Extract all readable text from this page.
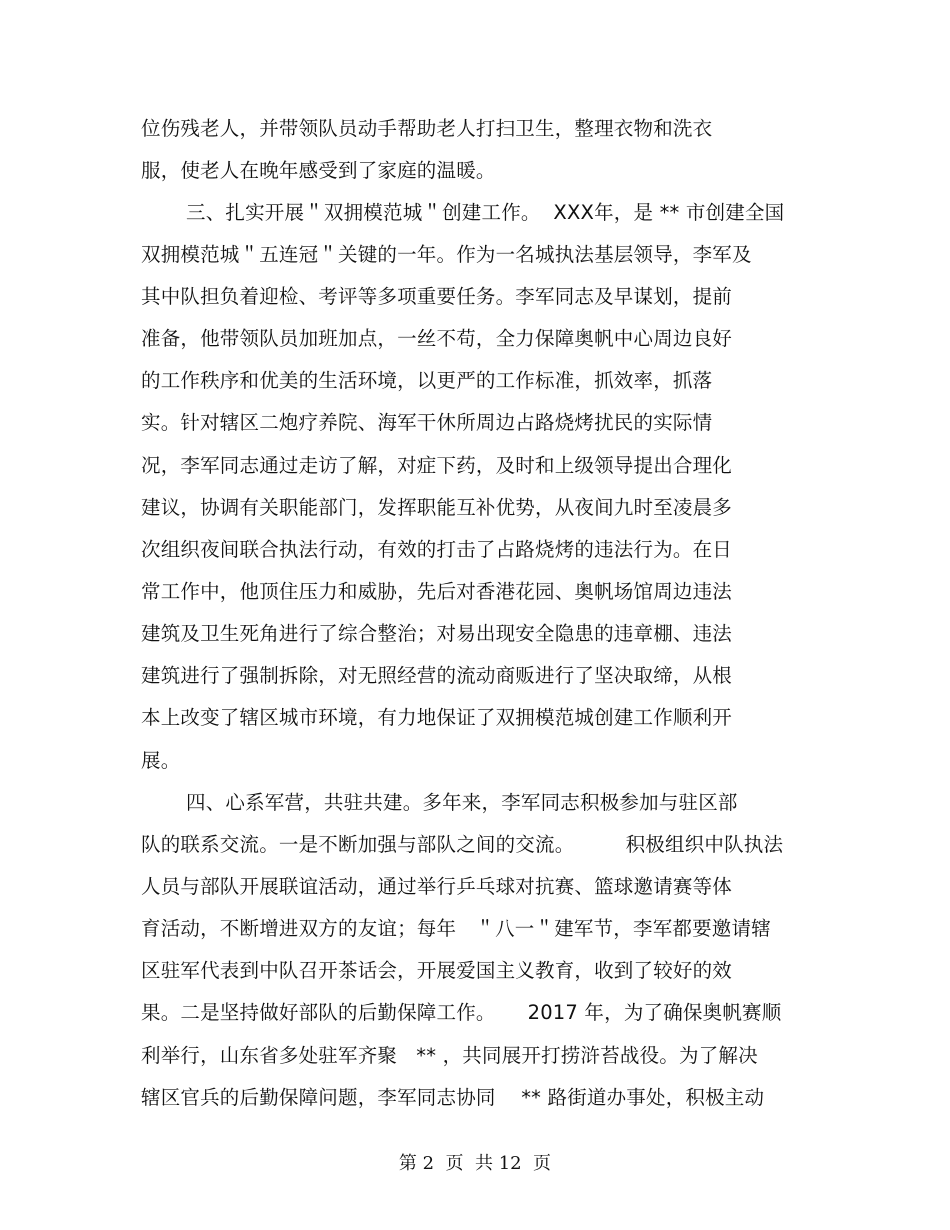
位伤残老人，并带领队员动手帮助老人打扫卫生，整理衣物和洗衣
服，使老人在晚年感受到了家庭的温暖。
三、扎实开展＂双拥模范城＂创建工作。  XXX年，是 ** 市创建全国
双拥模范城＂五连冠＂关键的一年。作为一名城执法基层领导，李军及
其中队担负着迎检、考评等多项重要任务。李军同志及早谋划，提前
准备，他带领队员加班加点，一丝不苟，全力保障奥帆中心周边良好
的工作秩序和优美的生活环境，以更严的工作标准，抓效率，抓落
实。针对辖区二炮疗养院、海军干休所周边占路烧烤扰民的实际情
况，李军同志通过走访了解，对症下药，及时和上级领导提出合理化
建议，协调有关职能部门，发挥职能互补优势，从夜间九时至凌晨多
次组织夜间联合执法行动，有效的打击了占路烧烤的违法行为。在日
常工作中，他顶住压力和威胁，先后对香港花园、奥帆场馆周边违法
建筑及卫生死角进行了综合整治；对易出现安全隐患的违章棚、违法
建筑进行了强制拆除，对无照经营的流动商贩进行了坚决取缔，从根
本上改变了辖区城市环境，有力地保证了双拥模范城创建工作顺利开
展。
四、心系军营，共驻共建。多年来，李军同志积极参加与驻区部
队的联系交流。一是不断加强与部队之间的交流。        积极组织中队执法
人员与部队开展联谊活动，通过举行乒乓球对抗赛、篮球邀请赛等体
育活动，不断增进双方的友谊；每年   ＂八一＂建军节，李军都要邀请辖
区驻军代表到中队召开茶话会，开展爱国主义教育，收到了较好的效
果。二是坚持做好部队的后勤保障工作。     2017 年，为了确保奥帆赛顺
利举行，山东省多处驻军齐聚   ** ，共同展开打捞浒苔战役。为了解决
辖区官兵的后勤保障问题，李军同志协同    ** 路街道办事处，积极主动
第 2  页  共 12  页
